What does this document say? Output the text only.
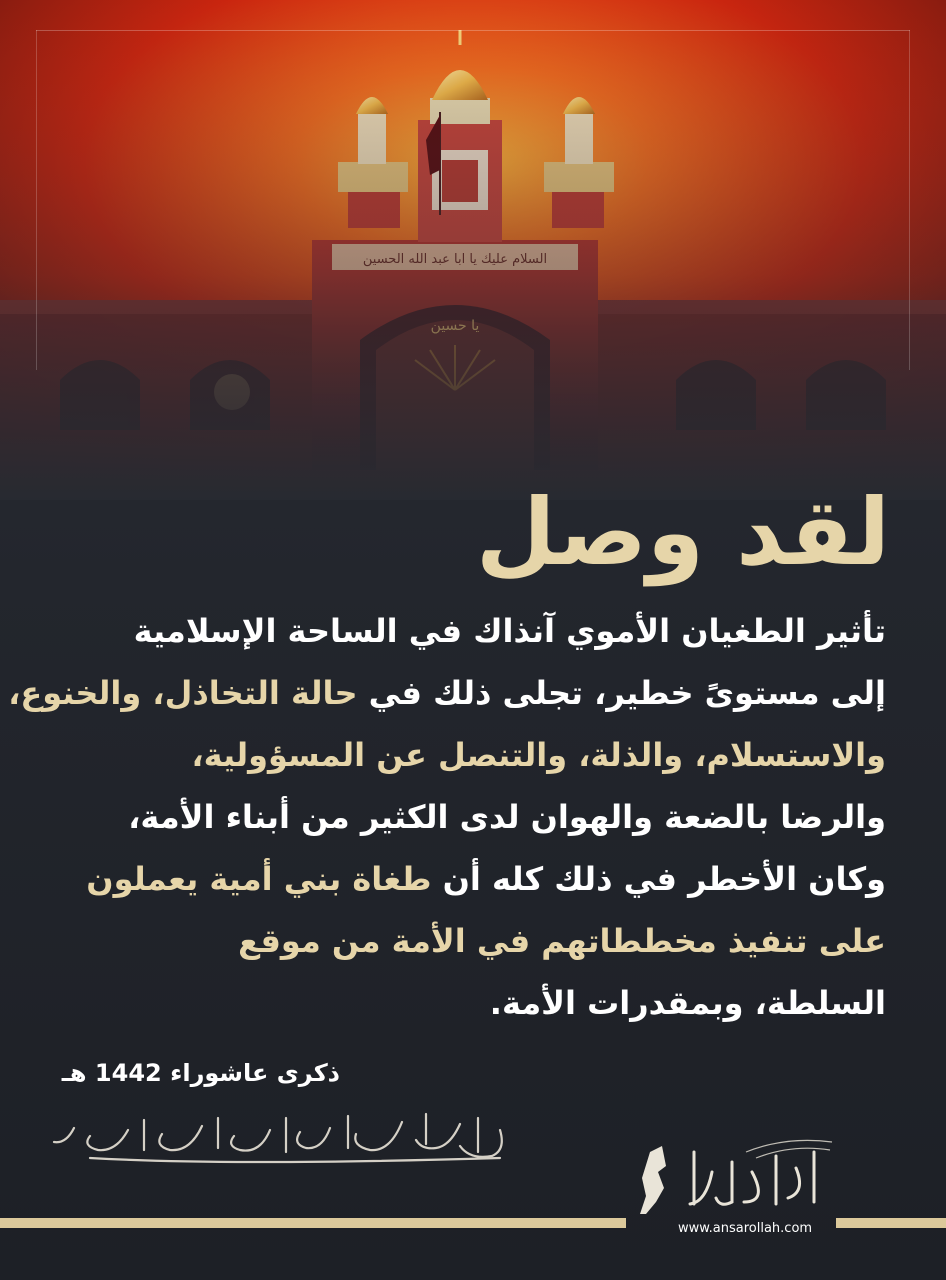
لقد وصل
تأثير الطغيان الأموي آنذاك في الساحة الإسلامية
إلى مستوىً خطير، تجلى ذلك في حالة التخاذل، والخنوع،
والاستسلام، والذلة، والتنصل عن المسؤولية،
والرضا بالضعة والهوان لدى الكثير من أبناء الأمة،
وكان الأخطر في ذلك كله أن طغاة بني أمية يعملون
على تنفيذ مخططاتهم في الأمة من موقع
السلطة، وبمقدرات الأمة.
ذكرى عاشوراء 1442 هـ
www.ansarollah.com
